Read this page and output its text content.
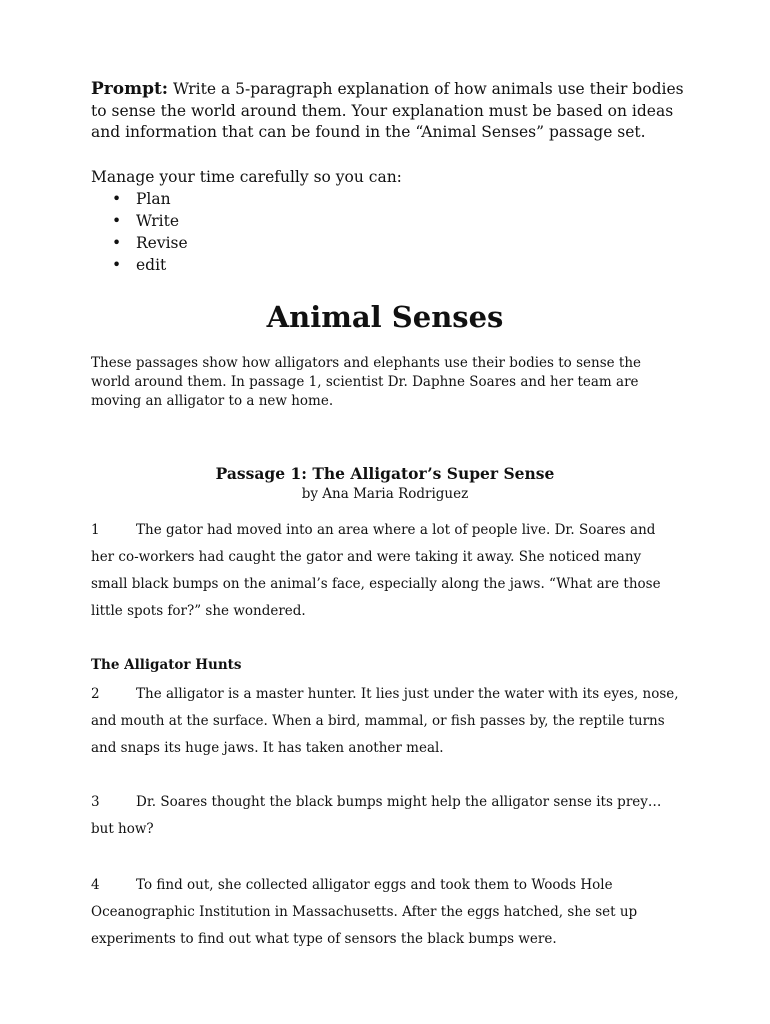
Prompt: Write a 5-paragraph explanation of how animals use their bodies to sense the world around them. Your explanation must be based on ideas and information that can be found in the “Animal Senses” passage set.
Manage your time carefully so you can:
• Plan
• Write
• Revise
• edit
Animal Senses
These passages show how alligators and elephants use their bodies to sense the world around them. In passage 1, scientist Dr. Daphne Soares and her team are moving an alligator to a new home.
Passage 1: The Alligator’s Super Sense
by Ana Maria Rodriguez
1	The gator had moved into an area where a lot of people live. Dr. Soares and her co-workers had caught the gator and were taking it away. She noticed many small black bumps on the animal’s face, especially along the jaws. “What are those little spots for?” she wondered.
The Alligator Hunts
2	The alligator is a master hunter. It lies just under the water with its eyes, nose, and mouth at the surface. When a bird, mammal, or fish passes by, the reptile turns and snaps its huge jaws. It has taken another meal.
3	Dr. Soares thought the black bumps might help the alligator sense its prey…but how?
4	To find out, she collected alligator eggs and took them to Woods Hole Oceanographic Institution in Massachusetts. After the eggs hatched, she set up experiments to find out what type of sensors the black bumps were.
